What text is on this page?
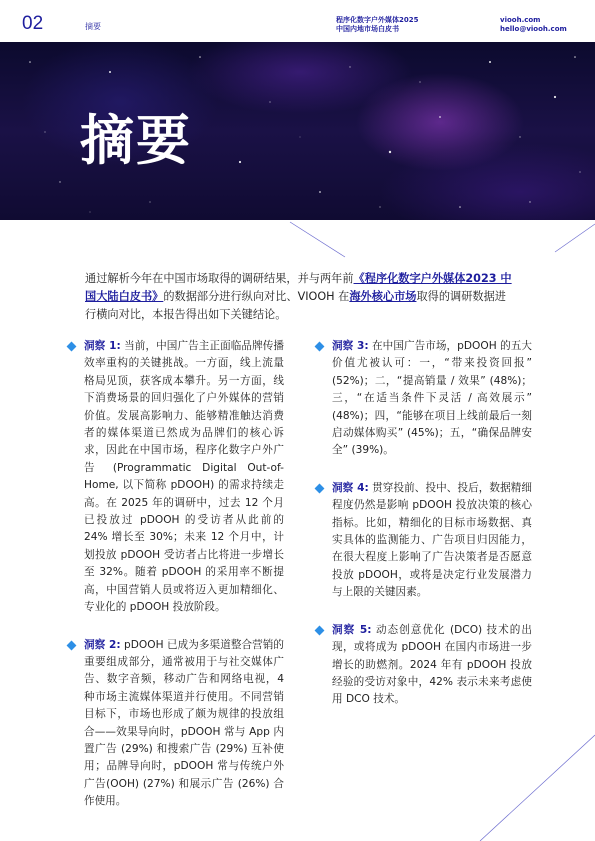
02	摘要
程序化数字户外媒体2025
中国内地市场白皮书
viooh.com
hello@viooh.com
摘要
通过解析今年在中国市场取得的调研结果，并与两年前《程序化数字户外媒体2023 中国大陆白皮书》的数据部分进行纵向对比、VIOOH 在海外核心市场取得的调研数据进行横向对比，本报告得出如下关键结论。
洞察 1: 当前，中国广告主正面临品牌传播效率重构的关键挑战。一方面，线上流量格局见顶，获客成本攀升。另一方面，线下消费场景的回归强化了户外媒体的营销价值。发展高影响力、能够精准触达消费者的媒体渠道已然成为品牌们的核心诉求，因此在中国市场，程序化数字户外广告 (Programmatic Digital Out-of-Home, 以下简称 pDOOH) 的需求持续走高。在 2025 年的调研中，过去 12 个月已投放过 pDOOH 的受访者从此前的 24% 增长至 30%；未来 12 个月中，计划投放 pDOOH 受访者占比将进一步增长至 32%。随着 pDOOH 的采用率不断提高，中国营销人员或将迈入更加精细化、专业化的 pDOOH 投放阶段。
洞察 2: pDOOH 已成为多渠道整合营销的重要组成部分，通常被用于与社交媒体广告、数字音频，移动广告和网络电视，4 种市场主流媒体渠道并行使用。不同营销目标下，市场也形成了颇为规律的投放组合——效果导向时，pDOOH 常与 App 内置广告 (29%) 和搜索广告 (29%) 互补使用；品牌导向时，pDOOH 常与传统户外广告(OOH) (27%) 和展示广告 (26%) 合作使用。
洞察 3: 在中国广告市场，pDOOH 的五大价值尤被认可：一，“带来投资回报” (52%)；二，“提高销量 / 效果” (48%)；三，“在适当条件下灵活 / 高效展示” (48%)；四，“能够在项目上线前最后一刻启动媒体购买” (45%)；五，“确保品牌安全” (39%)。
洞察 4: 贯穿投前、投中、投后，数据精细程度仍然是影响 pDOOH 投放决策的核心指标。比如，精细化的目标市场数据、真实具体的监测能力、广告项目归因能力，在很大程度上影响了广告决策者是否愿意投放 pDOOH，或将是决定行业发展潜力与上限的关键因素。
洞察 5: 动态创意优化 (DCO) 技术的出现，或将成为 pDOOH 在国内市场进一步增长的助燃剂。2024 年有 pDOOH 投放经验的受访对象中，42% 表示未来考虑使用 DCO 技术。
